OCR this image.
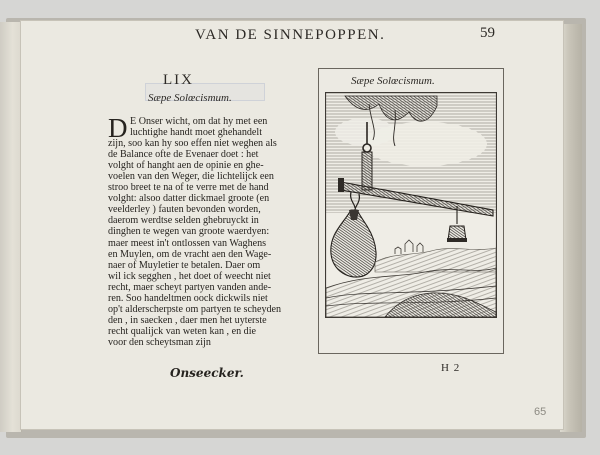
VAN DE SINNEPOPPEN.	59
LIX
Sæpe Solœcismum.
D E Onser wicht, om dat hy met een
luchtighe handt moet ghehandelt
zijn, soo kan hy soo effen niet weghen als
de Balance ofte de Evenaer doet : het
volght of hanght aen de opinie en ghe-
voelen van den Weger, die lichtelijck een
stroo breet te na of te verre met de hand
volght: alsoo datter dickmael groote (en
veelderley ) fauten bevonden worden,
daerom werdtse selden ghebruyckt in
dinghen te wegen van groote waerdyen:
maer meest in't ontlossen van Waghens
en Muylen, om de vracht aen den Wage-
naer of Muyletier te betalen. Daer om
wil ick segghen , het doet of weecht niet
recht, maer scheyt partyen vanden ande-
ren. Soo handeltmen oock dickwils niet
op't alderscherpste om partyen te scheyden
den , in saecken , daer men het uyterste
recht qualijck van weten kan , en die
voor den scheytsman zijn
Onseecker.
Sæpe Solœcismum.
H 2
65
